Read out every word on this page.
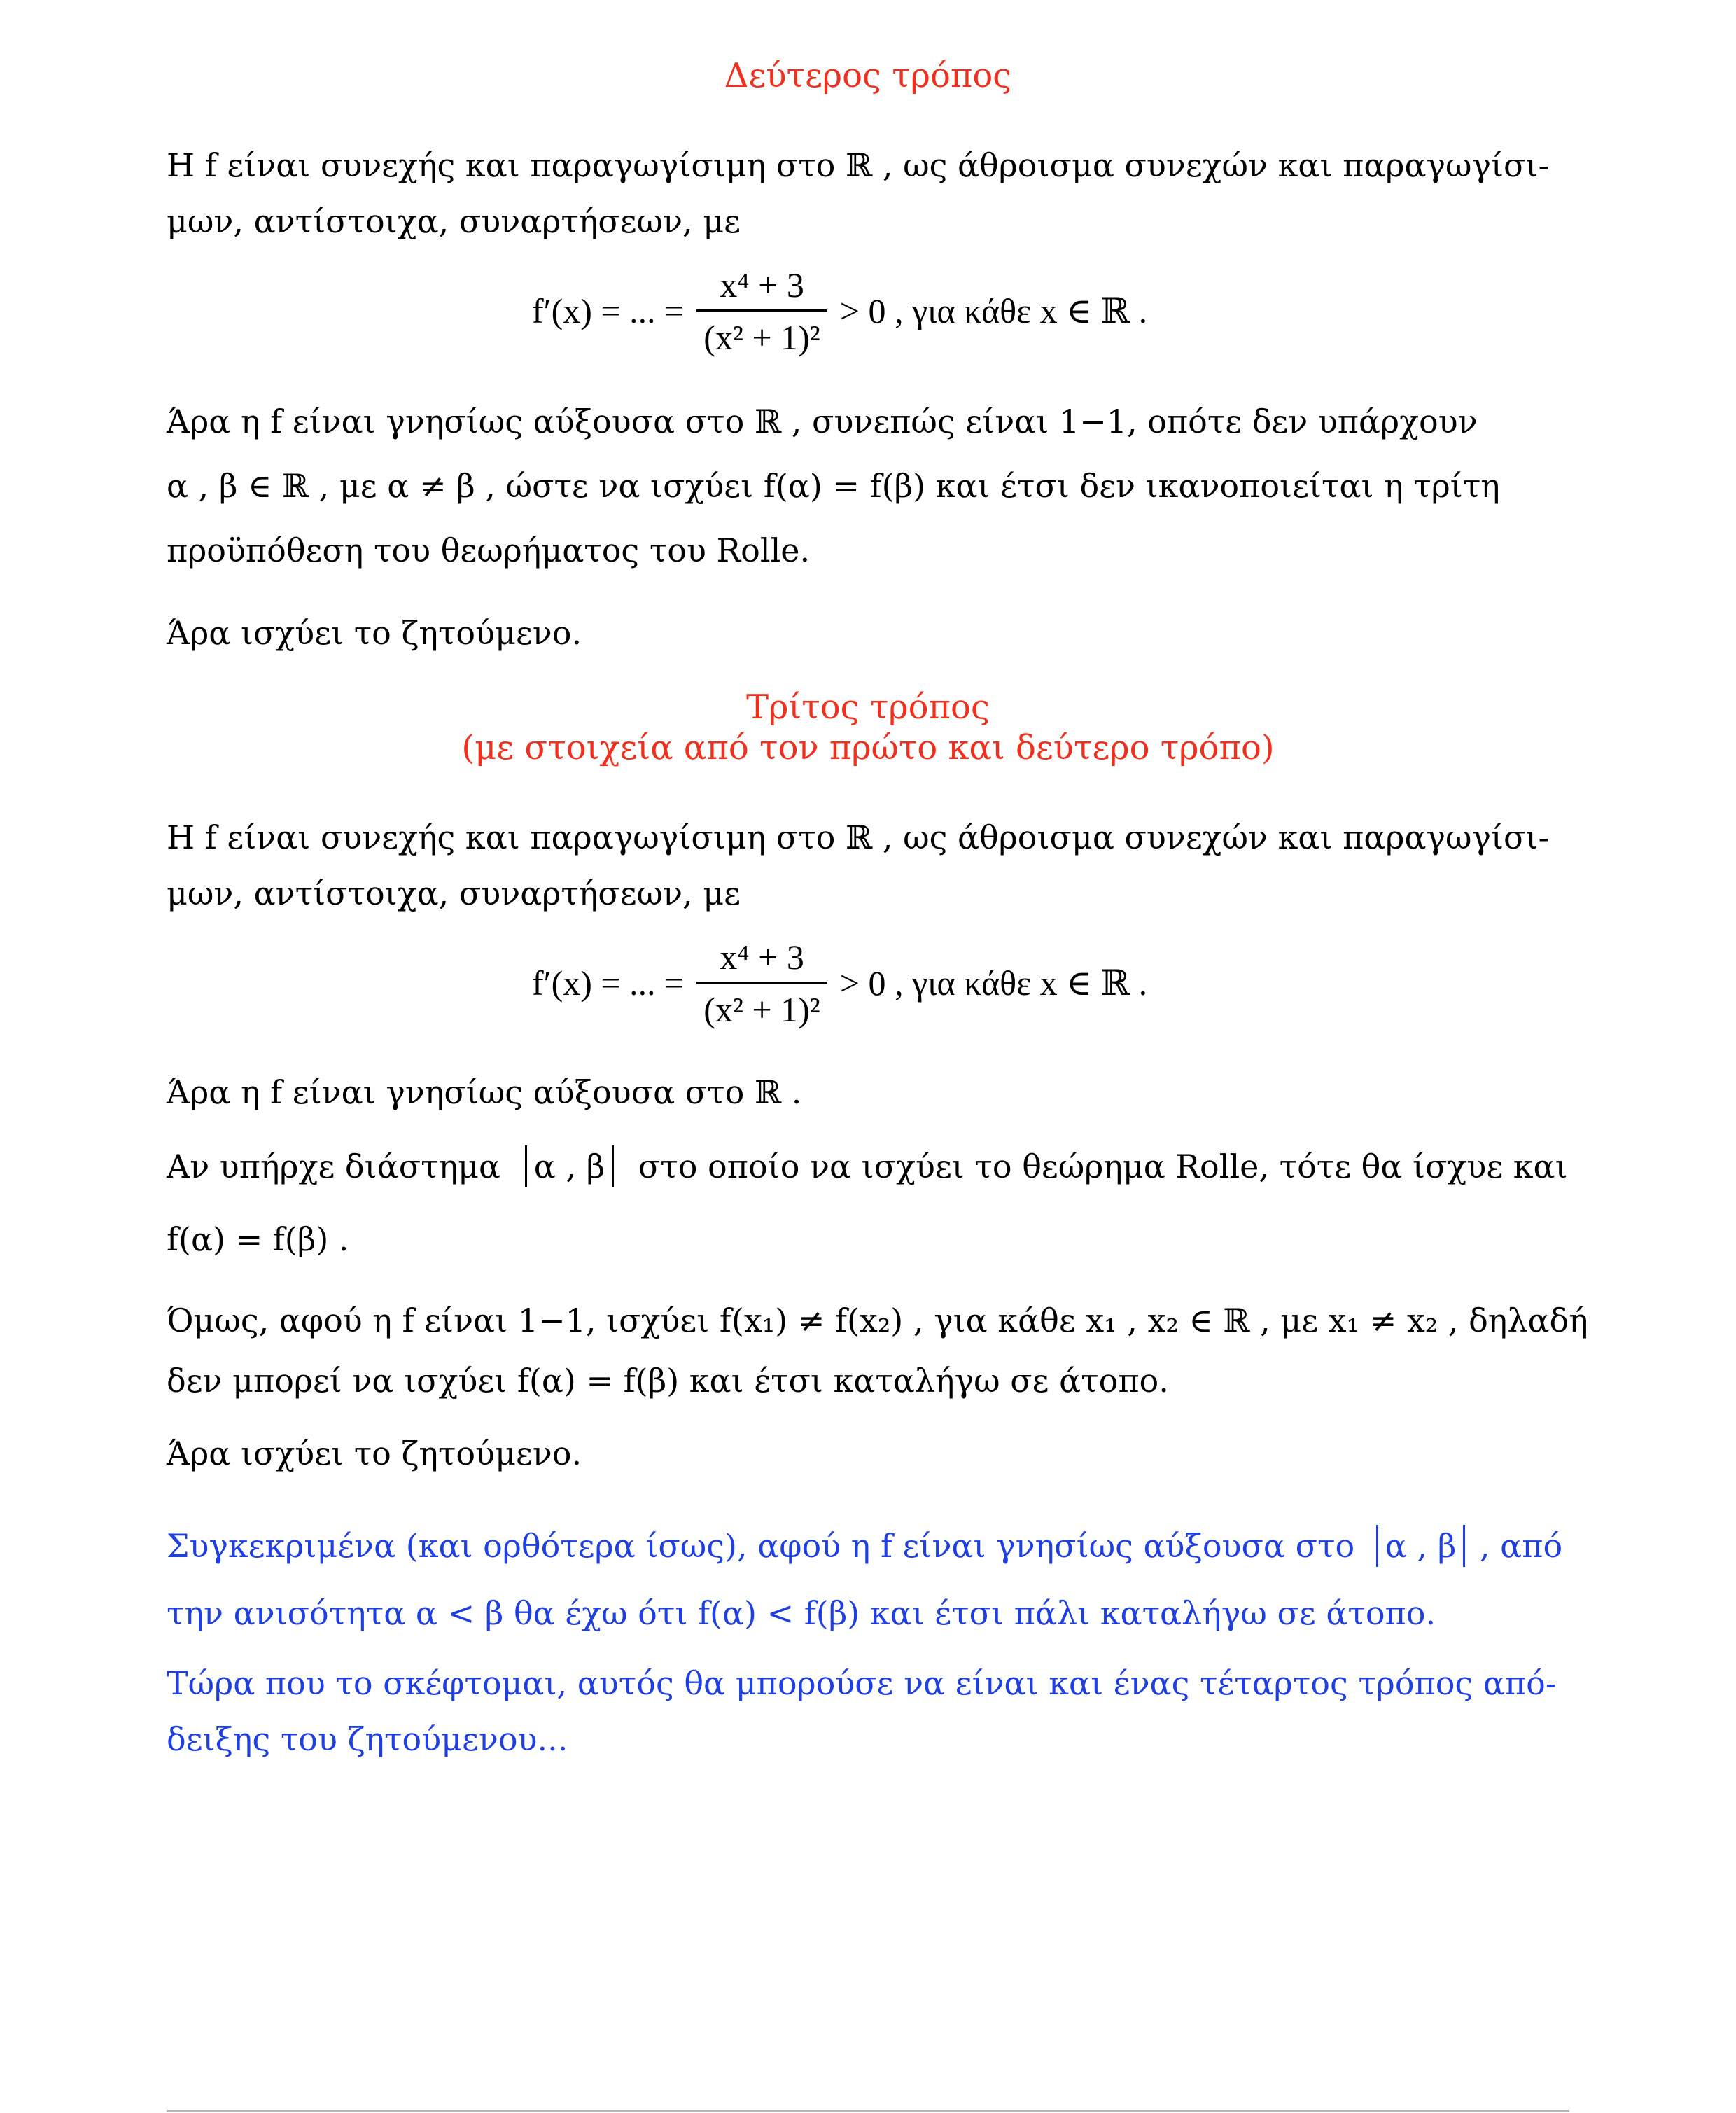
Δεύτερος τρόπος
Η f είναι συνεχής και παραγωγίσιμη στο ℝ , ως άθροισμα συνεχών και παραγωγίσι-
μων, αντίστοιχα, συναρτήσεων, με
f′(x) = ... = $\frac{\text{x⁴ + 3}}{\text{(x² + 1)²}} > 0$ , για κάθε x ∈ ℝ .
Άρα η f είναι γνησίως αύξουσα στο ℝ , συνεπώς είναι 1−1, οπότε δεν υπάρχουν
α , β ∈ ℝ , με α ≠ β , ώστε να ισχύει f(α) = f(β) και έτσι δεν ικανοποιείται η τρίτη
προϋπόθεση του θεωρήματος του Rolle.
Άρα ισχύει το ζητούμενο.
Τρίτος τρόπος
(με στοιχεία από τον πρώτο και δεύτερο τρόπο)
Η f είναι συνεχής και παραγωγίσιμη στο ℝ , ως άθροισμα συνεχών και παραγωγίσι-
μων, αντίστοιχα, συναρτήσεων, με
f′(x) = ... = $\frac{\text{x⁴ + 3}}{\text{(x² + 1)²}} > 0$ , για κάθε x ∈ ℝ .
Άρα η f είναι γνησίως αύξουσα στο ℝ .
Αν υπήρχε διάστημα α , β στο οποίο να ισχύει το θεώρημα Rolle, τότε θα ίσχυε και
f(α) = f(β) .
Όμως, αφού η f είναι 1−1, ισχύει f(x₁) ≠ f(x₂) , για κάθε x₁ , x₂ ∈ ℝ , με x₁ ≠ x₂ , δηλαδή
δεν μπορεί να ισχύει f(α) = f(β) και έτσι καταλήγω σε άτοπο.
Άρα ισχύει το ζητούμενο.
Συγκεκριμένα (και ορθότερα ίσως), αφού η f είναι γνησίως αύξουσα στο α , β , από
την ανισότητα α < β θα έχω ότι f(α) < f(β) και έτσι πάλι καταλήγω σε άτοπο.
Τώρα που το σκέφτομαι, αυτός θα μπορούσε να είναι και ένας τέταρτος τρόπος από-
δειξης του ζητούμενου...
